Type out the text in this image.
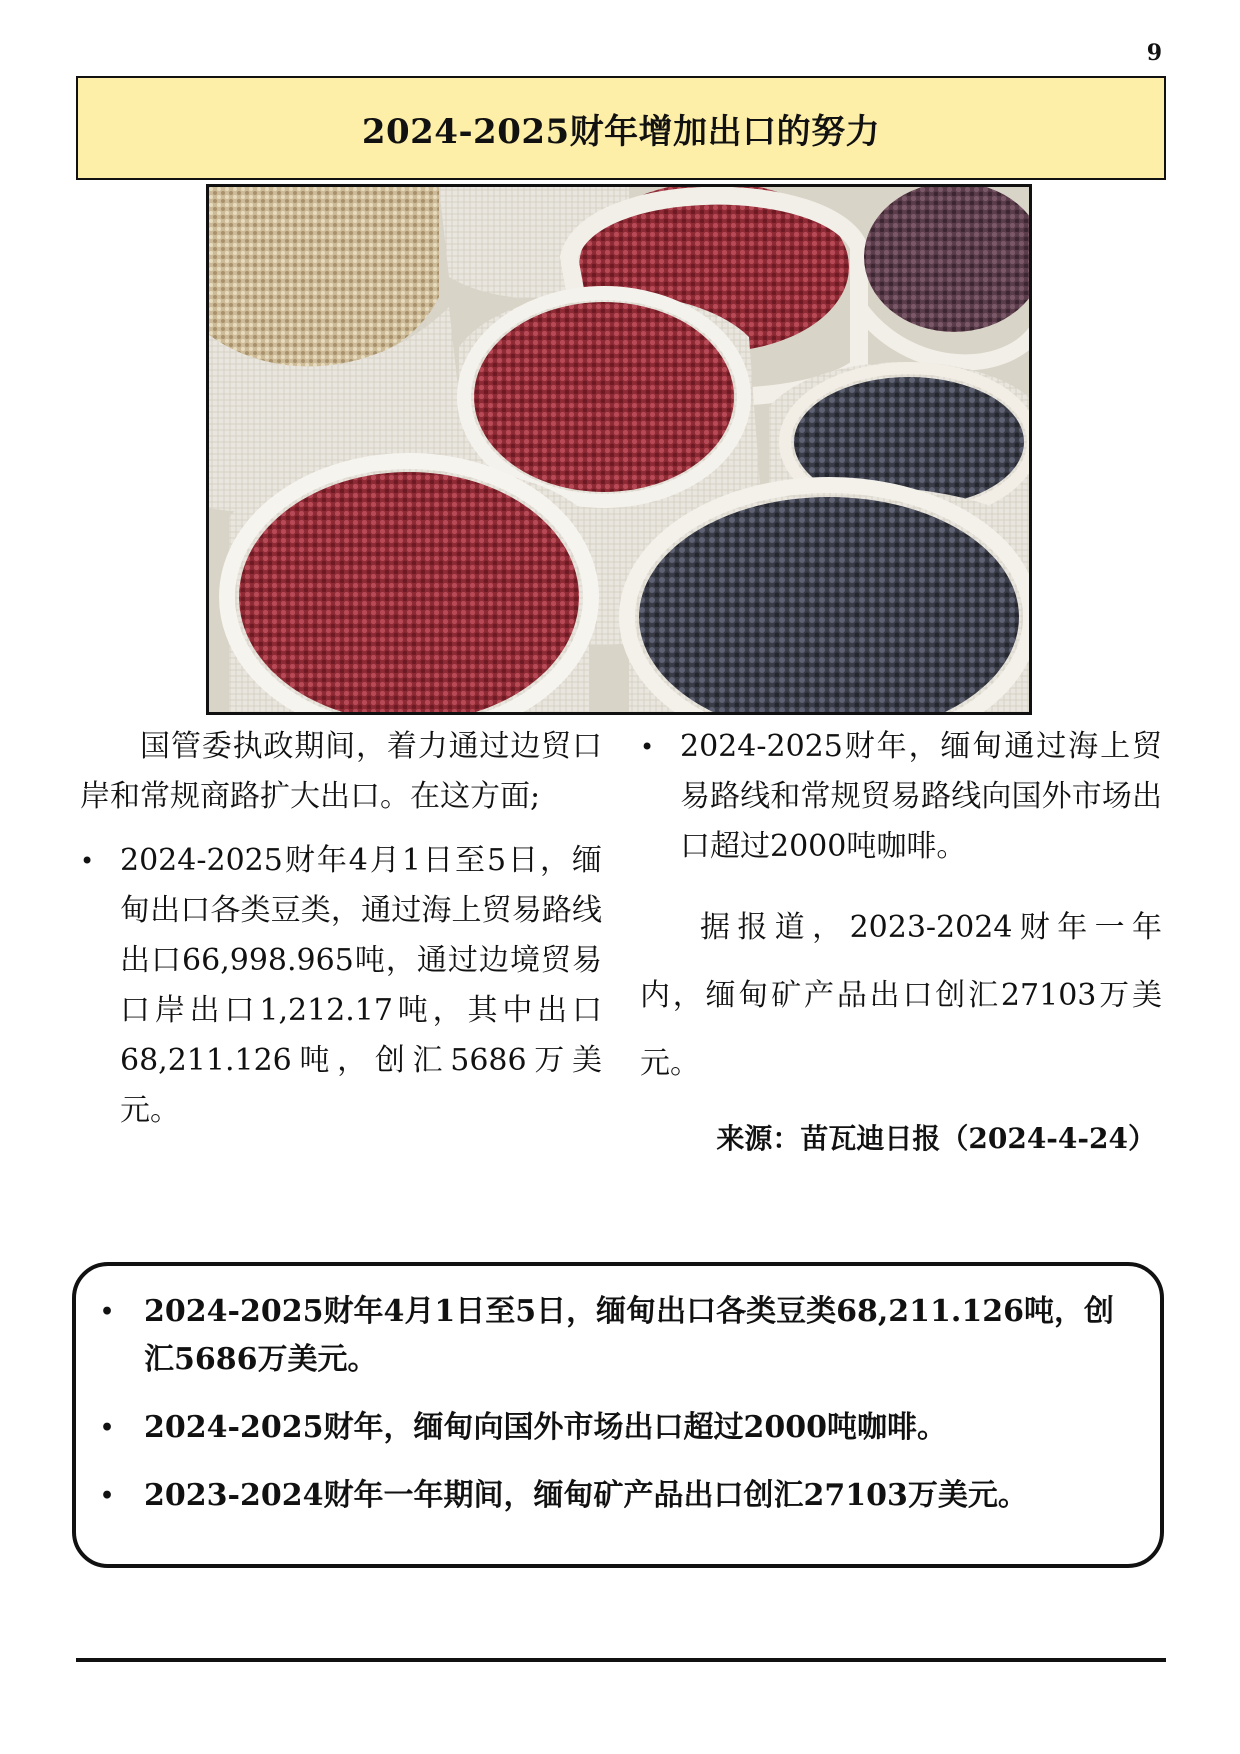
9
2024-2025财年增加出口的努力

国管委执政期间，着力通过边贸口岸和常规商路扩大出口。在这方面;

• 2024-2025财年4月1日至5日，缅甸出口各类豆类，通过海上贸易路线出口66,998.965吨，通过边境贸易口岸出口1,212.17吨，其中出口68,211.126吨，创汇5686万美元。
• 2024-2025财年，缅甸通过海上贸易路线和常规贸易路线向国外市场出口超过2000吨咖啡。

据报道，2023-2024财年一年内，缅甸矿产品出口创汇27103万美元。

来源：苗瓦迪日报（2024-4-24）
• 2024-2025财年4月1日至5日，缅甸出口各类豆类68,211.126吨，创汇5686万美元。
• 2024-2025财年，缅甸向国外市场出口超过2000吨咖啡。
• 2023-2024财年一年期间，缅甸矿产品出口创汇27103万美元。
